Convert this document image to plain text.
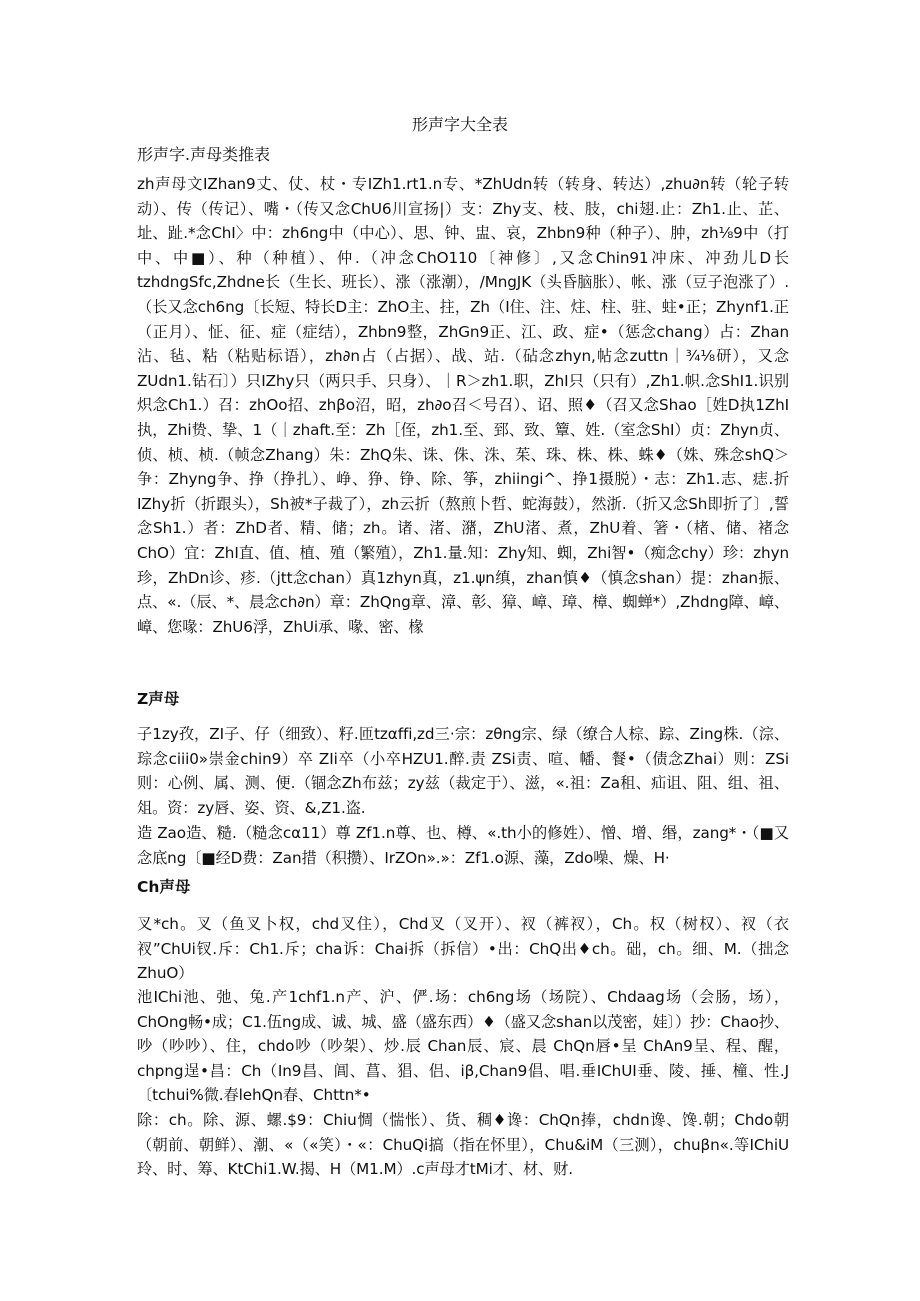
形声字大全表
形声字.声母类推表

zh声母文IZhan9丈、仗、杖・专IZh1.rt1.n专、*ZhUdn转（转身、转达）,zhu∂n转（轮子转动）、传（传记）、嘴・（传又念ChU6川宣扬|）支：Zhy支、枝、肢，chi翅.止：Zh1.止、芷、址、趾.*念ChI〉中：zh6ng中（中心）、思、钟、盅、哀，Zhbn9种（种子）、肿，zh⅛9中（打中、中■）、种（种植）、仲.（冲念ChO110〔神修〕,又念Chin91冲床、冲劲儿D长tzhdngSfc,Zhdne长（生长、班长）、涨（涨潮），∕MngJK（头昏脑胀）、帐、涨（豆子泡涨了）.（长又念ch6ng〔长短、特长D主：ZhO主、拄，Zh（I住、注、炷、柱、驻、蛀•正；Zhynf1.正（正月）、怔、征、症（症结），Zhbn9整，ZhGn9正、江、政、症•（惩念chang）占：Zhan沾、毡、粘（粘贴标语），zh∂n占（占据）、战、站.（砧念zhyn,帖念zuttn｜¾⅛研），又念ZUdn1.钻石〕）只IZhy只（两只手、只身）、｜R＞zh1.职，ZhI只（只有）,Zh1.帜.念ShI1.识别炽念Ch1.）召：zhOo招、zhβo沼，昭，zh∂o召＜号召）、诏、照♦（召又念Shao［姓D执1ZhI执，Zhi贽、挚、1（｜zhaft.至：Zh［侄，zh1.至、郅、致、簟、姓.（室念ShI）贞：Zhyn贞、侦、桢、桢.（帧念Zhang）朱：ZhQ朱、诛、侏、洙、茱、珠、株、株、蛛♦（姝、殊念shQ＞争：Zhyng争、挣（挣扎）、峥、狰、铮、除、筝，zhiingi^、挣1摄脱）・志：Zh1.志、痣.折IZhy折（折跟头），Sh被*子裁了），zh云折（熬煎卜哲、蛇海鼓），然浙.（折又念Sh即折了〕,誓念Sh1.）者：ZhD者、精、储；zh。诸、渚、潴，ZhU渚、煮，ZhU着、箸・（楮、储、褚念ChO）宜：ZhI直、值、植、殖（繁殖），Zh1.量.知：Zhy知、蜘，Zhi智•（痴念chy）珍：zhyn珍，ZhDn诊、疹.（jtt念chan）真1zhyn真，z1.ψn缜，zhan慎♦（慎念shan）提：zhan振、点、«.（辰、*、晨念ch∂n）章：ZhQng章、漳、彰、獐、嶂、璋、樟、蜘蝉*）,Zhdng障、嶂、嶂、您喙：ZhU6浮，ZhUi承、喙、密、椽

Z声母

子1zy孜，ZI子、仔（细致）、籽.匝tzαffi,zd三‧宗：zθng宗、绿（缭合人棕、踪、Zing株.（淙、琮念ciii0»崇金chin9）卒 ZIi卒（小卒HZU1.醉.责 ZSi责、喧、幡、餐•（债念Zhai）则：ZSi则：心例、属、测、便.（锢念Zh布兹；zy兹（裁定于）、滋，«.祖：Za租、疝诅、阻、组、祖、俎。资：zy唇、姿、资、&,Z1.盗.

造 Zao造、糙.（糙念cα11）尊 Zf1.n尊、也、樽、«.th小的修姓）、憎、增、缗，zang*・（■又念底ng〔■经D费：Zan措（积攒）、IrZOn».»：Zf1.o源、藻，Zdo噪、燥、H·

Ch声母

叉*ch。叉（鱼叉卜权，chd叉住），Chd叉（叉开）、衩（裤衩），Ch。权（树权）、衩（衣衩”ChUi钗.斥：Ch1.斥；cha诉：Chai拆（拆信）•出：ChQ出♦ch。础，ch。细、M.（拙念ZhuO）

池IChi池、弛、兔.产1chf1.n产、沪、俨.场：ch6ng场（场院）、Chdaag场（会肠，场），ChOng畅•成；C1.伍ng成、诚、城、盛（盛东西）♦（盛又念shan以茂密，娃〕）抄：Chao抄、吵（吵吵）、住，chdo吵（吵架）、炒.辰 Chan辰、宸、晨 ChQn唇•呈 ChAn9呈、程、醒，chpng逞•昌：Ch（In9昌、阊、菖、猖、侣、iβ,Chan9倡、唱.垂IChUI垂、陵、捶、橦、性.J〔tchui%微.春lehQn春、Chttn*•

除：ch。除、源、螺.$9：Chiu惆（惴怅）、货、稠♦谗：ChQn捧，chdn谗、馋.朝；Chdo朝（朝前、朝鲜）、潮、«（«笑）・«：ChuQi搞（指在怀里），Chu&iM（三测），chuβn«.等IChiU玲、时、筹、KtChi1.W.揭、H（M1.M）.c声母才tMi才、材、财.
